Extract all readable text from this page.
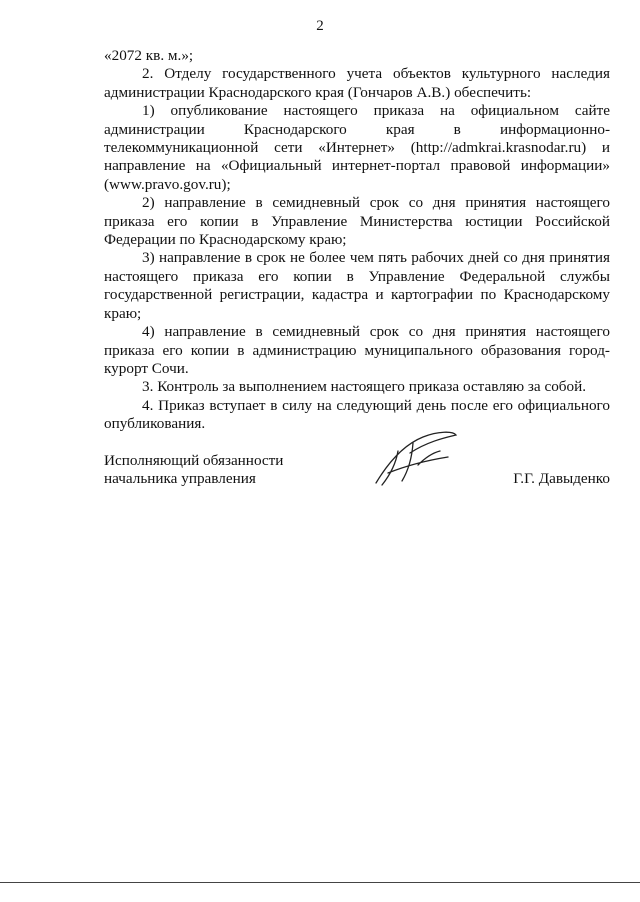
2

«2072 кв. м.»;

2. Отделу государственного учета объектов культурного наследия администрации Краснодарского края (Гончаров А.В.) обеспечить:

1) опубликование настоящего приказа на официальном сайте администрации Краснодарского края в информационно-телекоммуникационной сети «Интернет» (http://admkrai.krasnodar.ru) и направление на «Официальный интернет-портал правовой информации» (www.pravo.gov.ru);

2) направление в семидневный срок со дня принятия настоящего приказа его копии в Управление Министерства юстиции Российской Федерации по Краснодарскому краю;

3) направление в срок не более чем пять рабочих дней со дня принятия настоящего приказа его копии в Управление Федеральной службы государственной регистрации, кадастра и картографии по Краснодарскому краю;

4) направление в семидневный срок со дня принятия настоящего приказа его копии в администрацию муниципального образования город-курорт Сочи.

3. Контроль за выполнением настоящего приказа оставляю за собой.

4. Приказ вступает в силу на следующий день после его официального опубликования.

Исполняющий обязанности
начальника управления	Г.Г. Давыденко
